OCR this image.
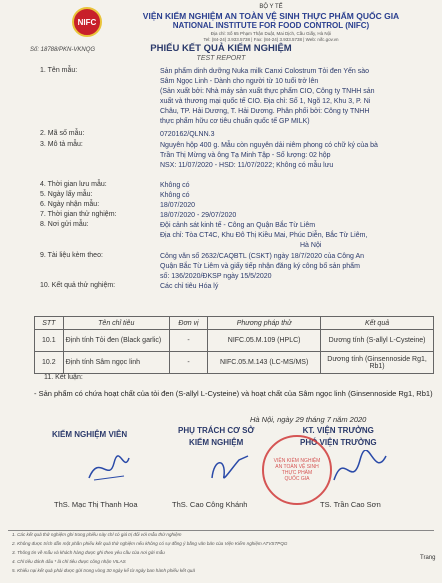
NIFC
BỘ Y TẾ
VIỆN KIỂM NGHIỆM AN TOÀN VỆ SINH THỰC PHẨM QUỐC GIA
NATIONAL INSTITUTE FOR FOOD CONTROL (NIFC)
Địa chỉ: Số 65 Phạm Thận Duật, Mai Dịch, Cầu Giấy, Hà Nội
Tel: (84-24) 3.933.5738 | Fax: (84-24) 3.933.5738 | Web: nifc.gov.vn
Số: 18788/PKN-VKNQG	PHIẾU KẾT QUẢ KIỂM NGHIỆM
TEST REPORT
1. Tên mẫu:	Sản phẩm dinh dưỡng Nuka milk Canxi Colostrum Tỏi đen Yến sào
Sâm Ngọc Linh - Dành cho người từ 10 tuổi trở lên
(Sản xuất bởi: Nhà máy sản xuất thực phẩm CIO, Công ty TNHH sản
xuất và thương mại quốc tế CIO. Địa chỉ: Số 1, Ngõ 12, Khu 3, P. Ni
Châu, TP. Hải Dương, T. Hải Dương. Phân phối bởi: Công ty TNHH
thực phẩm hữu cơ tiêu chuẩn quốc tế GP MILK)
2. Mã số mẫu:	0720162/QLNN.3
3. Mô tả mẫu:	Nguyên hộp 400 g. Mẫu còn nguyên dải niêm phong có chữ ký của bà
Trần Thị Mừng và ông Tạ Minh Tập - Số lượng: 02 hộp
NSX: 11/07/2020 - HSD: 11/07/2022; Không có mẫu lưu
4. Thời gian lưu mẫu:	Không có
5. Ngày lấy mẫu:	Không có
6. Ngày nhận mẫu:	18/07/2020
7. Thời gian thử nghiệm:	18/07/2020 - 29/07/2020
8. Nơi gửi mẫu:	Đội cảnh sát kinh tế - Công an Quận Bắc Từ Liêm
Địa chỉ: Tòa CT4C, Khu Đô Thị Kiều Mai, Phúc Diễn, Bắc Từ Liêm,
Hà Nội
9. Tài liệu kèm theo:	Công văn số 2632/CAQBTL (CSKT) ngày 18/7/2020 của Công An
Quận Bắc Từ Liêm và giấy tiếp nhận đăng ký công bố sản phẩm
số: 136/2020/ĐKSP ngày 15/5/2020
10. Kết quả thử nghiệm:	Các chỉ tiêu Hóa lý
STT	Tên chỉ tiêu	Đơn vị	Phương pháp thử	Kết quả
10.1	Định tính Tỏi đen (Black garlic)	-	NIFC.05.M.109 (HPLC)	Dương tính (S-allyl L-Cysteine)
10.2	Định tính Sâm ngọc linh	-	NIFC.05.M.143 (LC-MS/MS)	Dương tính (Ginsennoside Rg1, Rb1)
11. Kết luận:
- Sản phẩm có chứa hoạt chất của tỏi đen (S-allyl L-Cysteine) và hoạt chất của Sâm ngọc linh (Ginsennoside Rg1, Rb1)
Hà Nội, ngày 29 tháng 7 năm 2020
KIỂM NGHIỆM VIÊN	PHỤ TRÁCH CƠ SỞ
KIỂM NGHIỆM
KT. VIỆN TRƯỞNG
PHÓ VIỆN TRƯỞNG
VIỆN KIỂM NGHIỆM
AN TOÀN VỆ SINH
THỰC PHẨM
QUỐC GIA
ThS. Mạc Thị Thanh Hoa	ThS. Cao Công Khánh	TS. Trần Cao Sơn
1. Các kết quả thử nghiệm ghi trong phiếu này chỉ có giá trị đối với mẫu thử nghiệm
2. Không được trích dẫn một phần phiếu kết quả thử nghiệm nếu không có sự đồng ý bằng văn bản của Viện Kiểm nghiệm ATVSTPQG
3. Thông tin về mẫu và khách hàng được ghi theo yêu cầu của nơi gửi mẫu
4. Chỉ tiêu đánh dấu * là chỉ tiêu được công nhận VILAS
5. Khiếu nại kết quả phải được gửi trong vòng 30 ngày kể từ ngày ban hành phiếu kết quả
Trang
